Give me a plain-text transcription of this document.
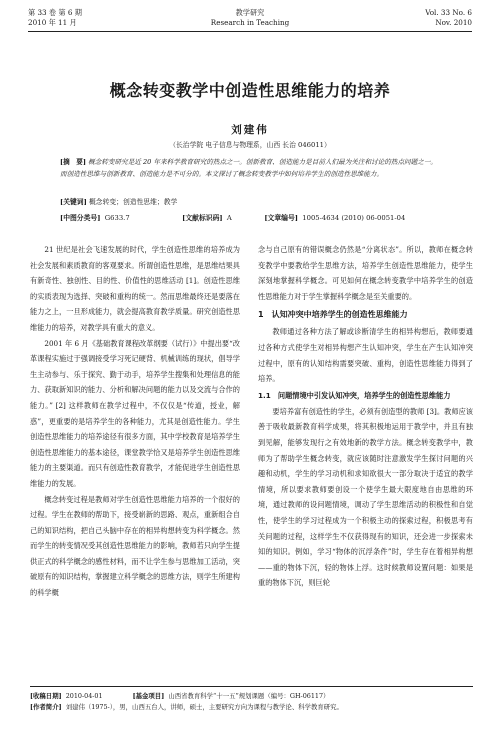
第 33 卷 第 6 期
2010 年 11 月
教学研究
Research in Teaching
Vol. 33 No. 6
Nov. 2010
概念转变教学中创造性思维能力的培养
刘建伟
（长治学院 电子信息与物理系，山西 长治 046011）
[摘　要] 概念转变研究是近 20 年来科学教育研究的热点之一。创新教育、创造能力是目前人们最为关注和讨论的热点问题之一。而创造性思维与创新教育、创造能力是不可分的。本文探讨了概念转变教学中如何培养学生的创造性思维能力。
[关键词] 概念转变；创造性思维；教学
[中图分类号] G633.7	[文献标识码] A	[文章编号] 1005-4634 (2010) 06-0051-04

21 世纪是社会飞速发展的时代，学生创造性思维的培养成为社会发展和素质教育的客观要求。所谓创造性思维，是思维结果具有新奇性、独创性、目的性、价值性的思维活动 [1]。创造性思维的实质表现为选择、突破和重构的统一。然而思维最终还是要落在能力之上，一旦形成能力，就会提高教育教学质量。研究创造性思维能力的培养，对教学具有重大的意义。

2001 年 6 月《基础教育课程改革纲要（试行）》中提出要“改革课程实施过于强调接受学习死记硬背、机械训练的现状，倡导学生主动参与、乐于探究、勤于动手，培养学生搜集和处理信息的能力、获取新知识的能力、分析和解决问题的能力以及交流与合作的能力。” [2] 这样教师在教学过程中，不仅仅是“传道，授业，解惑”，更重要的是培养学生的各种能力，尤其是创造性能力。学生创造性思维能力的培养途径有很多方面，其中学校教育是培养学生创造性思维能力的基本途径，课堂教学恰又是培养学生创造性思维能力的主要渠道。而只有创造性教育教学，才能促进学生创造性思维能力的发展。

概念转变过程是教师对学生创造性思维能力培养的一个很好的过程。学生在教师的帮助下，接受崭新的思路、观点，重新组合自己的知识结构，把自己头脑中存在的相异构想转变为科学概念。然而学生的转变情况受其创造性思维能力的影响，教师若只向学生提供正式的科学概念的感性材料，而不让学生参与思维加工活动，突破原有的知识结构，掌握建立科学概念的思维方法，则学生所建构的科学概

念与自己原有的错误概念仍然是“分离状态”。所以，教师在概念转变教学中要教给学生思维方法，培养学生创造性思维能力，使学生深刻地掌握科学概念。可见如何在概念转变教学中培养学生的创造性思维能力对于学生掌握科学概念是至关重要的。

1　认知冲突中培养学生的创造性思维能力

教师通过各种方法了解或诊断清学生的相异构想后，教师要通过各种方式使学生对相异构想产生认知冲突，学生在产生认知冲突过程中，原有的认知结构需要突破、重构，创造性思维能力得到了培养。

1.1　问题情境中引发认知冲突，培养学生的创造性思维能力

要培养富有创造性的学生，必须有创造型的教师 [3]。教师应该善于吸收最新教育科学成果，将其积极地运用于教学中，并且有独到见解，能够发现行之有效地新的教学方法。概念转变教学中，教师为了帮助学生概念转变，就应该随时注意激发学生探讨问题的兴趣和动机，学生的学习动机和求知欲很大一部分取决于适宜的教学情境，所以要求教师要创设一个使学生最大限度地自由思维的环境，通过教师的设问题情境，调动了学生思维活动的积极性和自觉性，使学生的学习过程成为一个积极主动的探索过程，积极思考有关问题的过程，这样学生不仅获得现有的知识，还会进一步探索未知的知识。例如，学习“物体的沉浮条件”时，学生存在着相异构想——重的物体下沉，轻的物体上浮。这时候教师设置问题：如果是重的物体下沉，则巨轮

[收稿日期] 2010-04-01	[基金项目] 山西省教育科学“十一五”规划课题（编号：GH-06117）
[作者简介] 刘建伟（1975-），男，山西五台人，讲师，硕士，主要研究方向为课程与教学论、科学教育研究。
